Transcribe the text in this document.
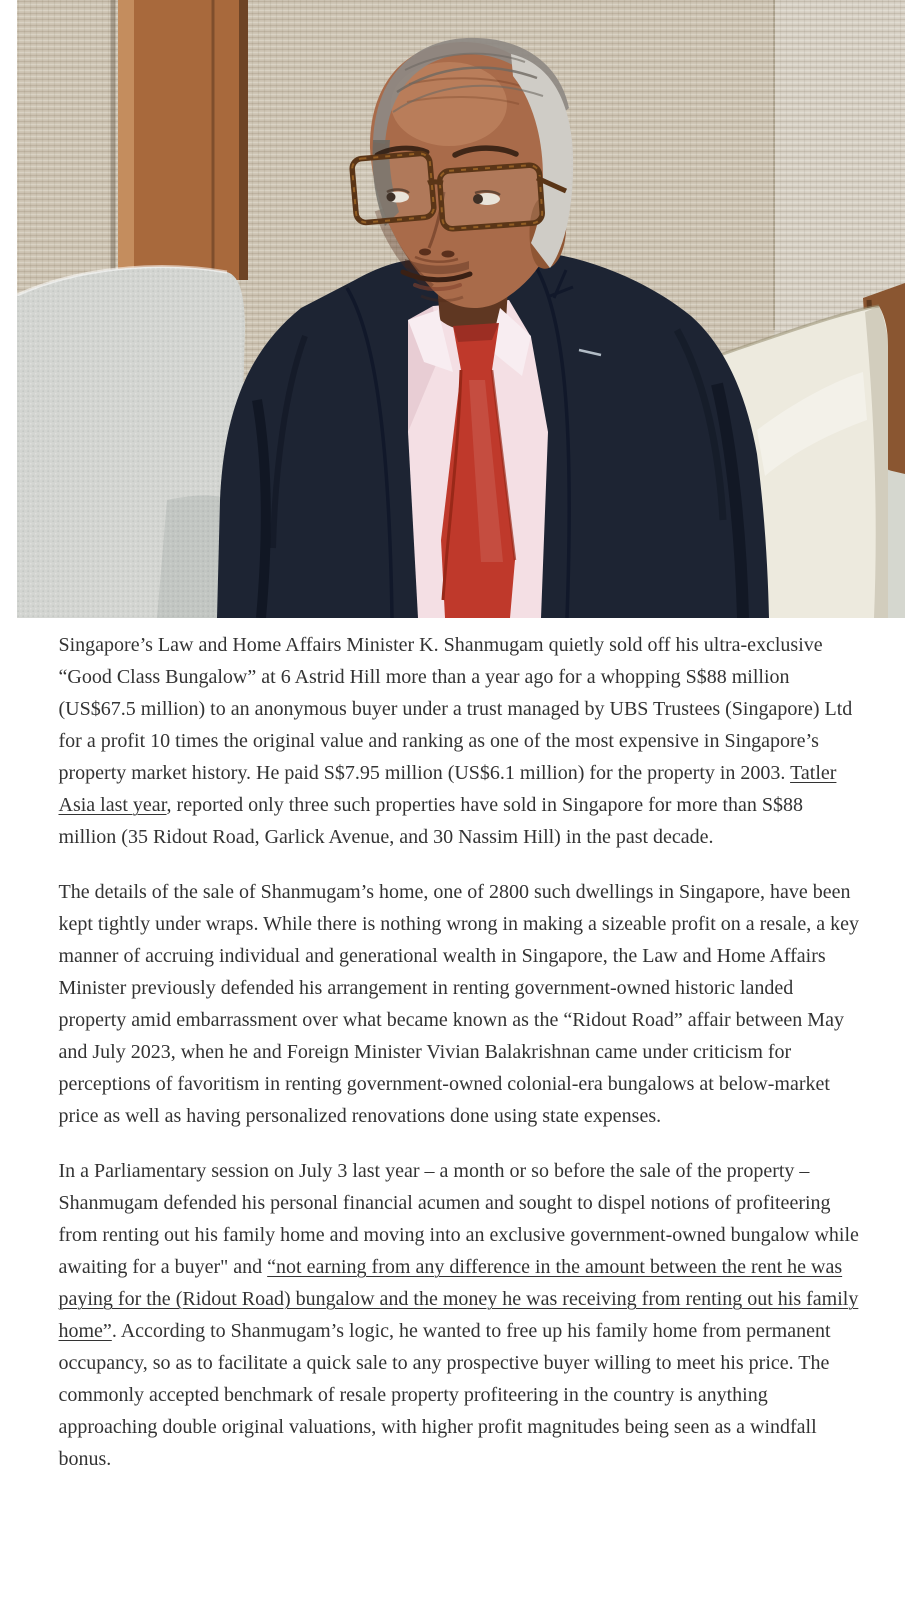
Singapore’s Law and Home Affairs Minister K. Shanmugam quietly sold off his ultra-exclusive “Good Class Bungalow” at 6 Astrid Hill more than a year ago for a whopping S$88 million (US$67.5 million) to an anonymous buyer under a trust managed by UBS Trustees (Singapore) Ltd for a profit 10 times the original value and ranking as one of the most expensive in Singapore’s property market history. He paid S$7.95 million (US$6.1 million) for the property in 2003. Tatler Asia last year, reported only three such properties have sold in Singapore for more than S$88 million (35 Ridout Road, Garlick Avenue, and 30 Nassim Hill) in the past decade.

The details of the sale of Shanmugam’s home, one of 2800 such dwellings in Singapore, have been kept tightly under wraps. While there is nothing wrong in making a sizeable profit on a resale, a key manner of accruing individual and generational wealth in Singapore, the Law and Home Affairs Minister previously defended his arrangement in renting government-owned historic landed property amid embarrassment over what became known as the “Ridout Road” affair between May and July 2023, when he and Foreign Minister Vivian Balakrishnan came under criticism for perceptions of favoritism in renting government-owned colonial-era bungalows at below-market price as well as having personalized renovations done using state expenses.

In a Parliamentary session on July 3 last year – a month or so before the sale of the property – Shanmugam defended his personal financial acumen and sought to dispel notions of profiteering from renting out his family home and moving into an exclusive government-owned bungalow while awaiting for a buyer" and “not earning from any difference in the amount between the rent he was paying for the (Ridout Road) bungalow and the money he was receiving from renting out his family home”. According to Shanmugam’s logic, he wanted to free up his family home from permanent occupancy, so as to facilitate a quick sale to any prospective buyer willing to meet his price. The commonly accepted benchmark of resale property profiteering in the country is anything approaching double original valuations, with higher profit magnitudes being seen as a windfall bonus.
